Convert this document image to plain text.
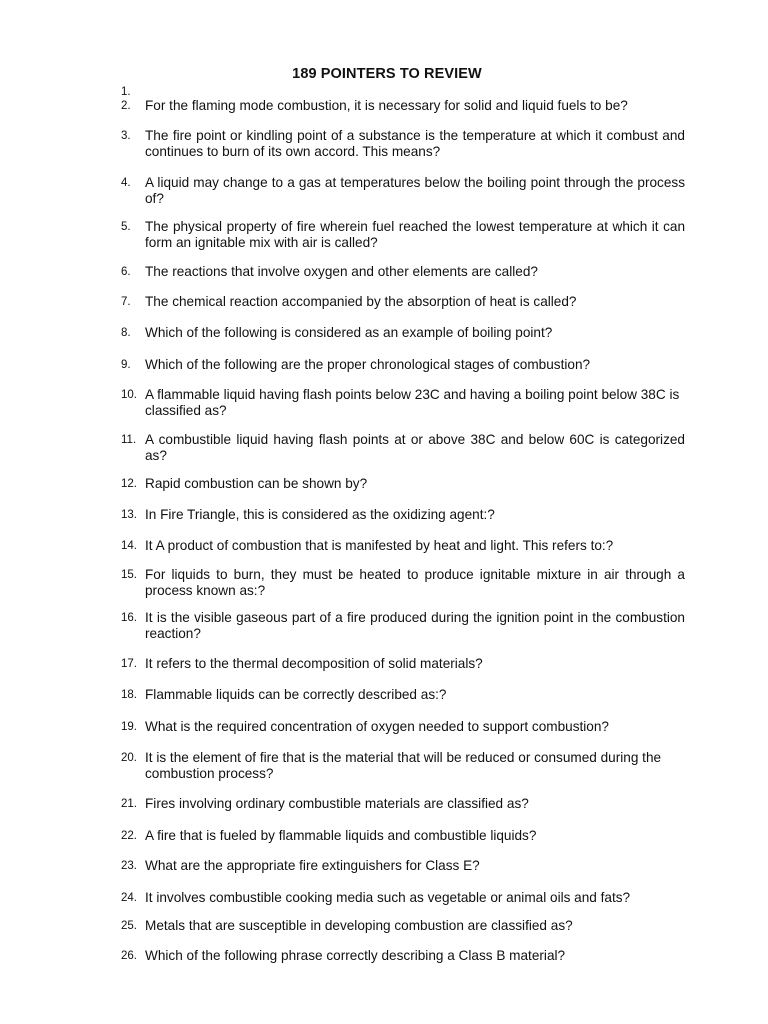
189 POINTERS TO REVIEW
1.
2. For the flaming mode combustion, it is necessary for solid and liquid fuels to be?
3. The fire point or kindling point of a substance is the temperature at which it combust and continues to burn of its own accord. This means?
4. A liquid may change to a gas at temperatures below the boiling point through the process of?
5. The physical property of fire wherein fuel reached the lowest temperature at which it can form an ignitable mix with air is called?
6. The reactions that involve oxygen and other elements are called?
7. The chemical reaction accompanied by the absorption of heat is called?
8. Which of the following is considered as an example of boiling point?
9. Which of the following are the proper chronological stages of combustion?
10. A flammable liquid having flash points below 23C and having a boiling point below 38C is classified as?
11. A combustible liquid having flash points at or above 38C and below 60C is categorized as?
12. Rapid combustion can be shown by?
13. In Fire Triangle, this is considered as the oxidizing agent:?
14. It A product of combustion that is manifested by heat and light. This refers to:?
15. For liquids to burn, they must be heated to produce ignitable mixture in air through a process known as:?
16. It is the visible gaseous part of a fire produced during the ignition point in the combustion reaction?
17. It refers to the thermal decomposition of solid materials?
18. Flammable liquids can be correctly described as:?
19. What is the required concentration of oxygen needed to support combustion?
20. It is the element of fire that is the material that will be reduced or consumed during the combustion process?
21. Fires involving ordinary combustible materials are classified as?
22. A fire that is fueled by flammable liquids and combustible liquids?
23. What are the appropriate fire extinguishers for Class E?
24. It involves combustible cooking media such as vegetable or animal oils and fats?
25. Metals that are susceptible in developing combustion are classified as?
26. Which of the following phrase correctly describing a Class B material?
